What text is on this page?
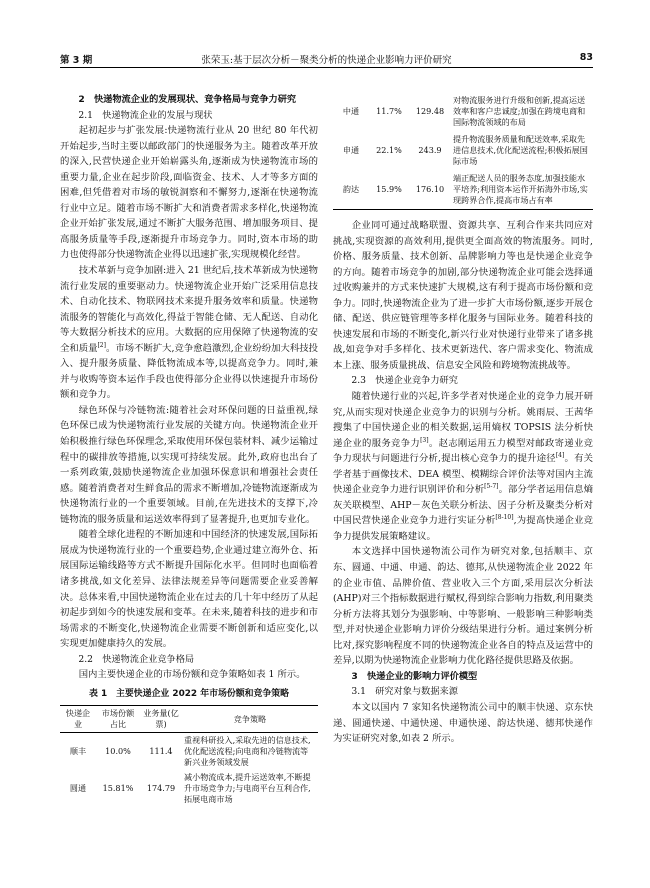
第 3 期	张荣玉:基于层次分析－聚类分析的快递企业影响力评价研究	83

2　快递物流企业的发展现状、竞争格局与竞争力研究

2.1　快递物流企业的发展与现状

起初起步与扩张发展:快递物流行业从 20 世纪 80 年代初开始起步,当时主要以邮政部门的快递服务为主。随着改革开放的深入,民营快递企业开始崭露头角,逐渐成为快递物流市场的重要力量,企业在起步阶段,面临资金、技术、人才等多方面的困难,但凭借着对市场的敏锐洞察和不懈努力,逐渐在快递物流行业中立足。随着市场不断扩大和消费者需求多样化,快递物流企业开始扩张发展,通过不断扩大服务范围、增加服务项目、提高服务质量等手段,逐渐提升市场竞争力。同时,资本市场的助力也使得部分快递物流企业得以迅速扩张,实现规模化经营。

技术革新与竞争加剧:进入 21 世纪后,技术革新成为快递物流行业发展的重要驱动力。快递物流企业开始广泛采用信息技术、自动化技术、物联网技术来提升服务效率和质量。快递物流服务的智能化与高效化,得益于智能仓储、无人配送、自动化等大数据分析技术的应用。大数据的应用保障了快递物流的安全和质量[2]。市场不断扩大,竞争愈趋激烈,企业纷纷加大科技投入、提升服务质量、降低物流成本等,以提高竞争力。同时,兼并与收购等资本运作手段也使得部分企业得以快速提升市场份额和竞争力。

绿色环保与冷链物流:随着社会对环保问题的日益重视,绿色环保已成为快递物流行业发展的关键方向。快递物流企业开始积极推行绿色环保理念,采取使用环保包装材料、减少运输过程中的碳排放等措施,以实现可持续发展。此外,政府也出台了一系列政策,鼓励快递物流企业加强环保意识和增强社会责任感。随着消费者对生鲜食品的需求不断增加,冷链物流逐渐成为快递物流行业的一个重要领域。目前,在先进技术的支撑下,冷链物流的服务质量和运送效率得到了显著提升,也更加专业化。

随着全球化进程的不断加速和中国经济的快速发展,国际拓展成为快递物流行业的一个重要趋势,企业通过建立海外仓、拓展国际运输线路等方式不断提升国际化水平。但同时也面临着诸多挑战,如文化差异、法律法规差异等问题需要企业妥善解决。总体来看,中国快递物流企业在过去的几十年中经历了从起初起步到如今的快速发展和变革。在未来,随着科技的进步和市场需求的不断变化,快递物流企业需要不断创新和适应变化,以实现更加健康持久的发展。

2.2　快递物流企业竞争格局

国内主要快递企业的市场份额和竞争策略如表 1 所示。

表 1　主要快递企业 2022 年市场份额和竞争策略
快递企业	市场份额占比	业务量(亿票)	竞争策略
顺丰	10.0%	111.4	重视科研投入,采取先进的信息技术,优化配送流程;向电商和冷链物流等新兴业务领域发展
圆通	15.81%	174.79	减小物流成本,提升运送效率,不断提升市场竞争力;与电商平台互利合作,拓展电商市场
中通	11.7%	129.48	对物流服务进行升级和创新,提高运送效率和客户忠诚度;加强在跨境电商和国际物流领域的布局
申通	22.1%	243.9	提升物流服务质量和配送效率,采取先进信息技术,优化配送流程;积极拓展国际市场
韵达	15.9%	176.10	端正配送人员的服务态度,加强技能水平培养;利用资本运作开拓海外市场,实现跨界合作,提高市场占有率

企业同可通过战略联盟、资源共享、互利合作来共同应对挑战,实现资源的高效利用,提供更全面高效的物流服务。同时,价格、服务质量、技术创新、品牌影响力等也是快递企业竞争的方向。随着市场竞争的加剧,部分快递物流企业可能会选择通过收购兼并的方式来快速扩大规模,这有利于提高市场份额和竞争力。同时,快递物流企业为了进一步扩大市场份额,逐步开展仓储、配送、供应链管理等多样化服务与国际业务。随着科技的快速发展和市场的不断变化,新兴行业对快递行业带来了诸多挑战,如竞争对手多样化、技术更新迭代、客户需求变化、物流成本上涨、服务质量挑战、信息安全风险和跨境物流挑战等。

2.3　快递企业竞争力研究

随着快递行业的兴起,许多学者对快递企业的竞争力展开研究,从而实现对快递企业竞争力的识别与分析。姚雨辰、王茜华搜集了中国快递企业的相关数据,运用熵权 TOPSIS 法分析快递企业的服务竞争力[3]。赵志刚运用五力模型对邮政寄递业竞争力现状与问题进行分析,提出核心竞争力的提升途径[4]。有关学者基于画像技术、DEA 模型、模糊综合评价法等对国内主流快递企业竞争力进行识别评价和分析[5-7]。部分学者运用信息熵灰关联模型、AHP－灰色关联分析法、因子分析及聚类分析对中国民营快递企业竞争力进行实证分析[8-10],为提高快递企业竞争力提供发展策略建议。

本文选择中国快递物流公司作为研究对象,包括顺丰、京东、圆通、中通、申通、韵达、德邦,从快递物流企业 2022 年的企业市值、品牌价值、营业收入三个方面,采用层次分析法(AHP)对三个指标数据进行赋权,得到综合影响力指数,利用聚类分析方法将其划分为强影响、中等影响、一般影响三种影响类型,并对快递企业影响力评价分级结果进行分析。通过案例分析比对,探究影响程度不同的快递物流企业各自的特点及运营中的差异,以期为快递物流企业影响力优化路径提供思路及依据。

3　快递企业的影响力评价模型

3.1　研究对象与数据来源

本文以国内 7 家知名快递物流公司中的顺丰快递、京东快递、圆通快递、中通快递、申通快递、韵达快递、德邦快递作为实证研究对象,如表 2 所示。
